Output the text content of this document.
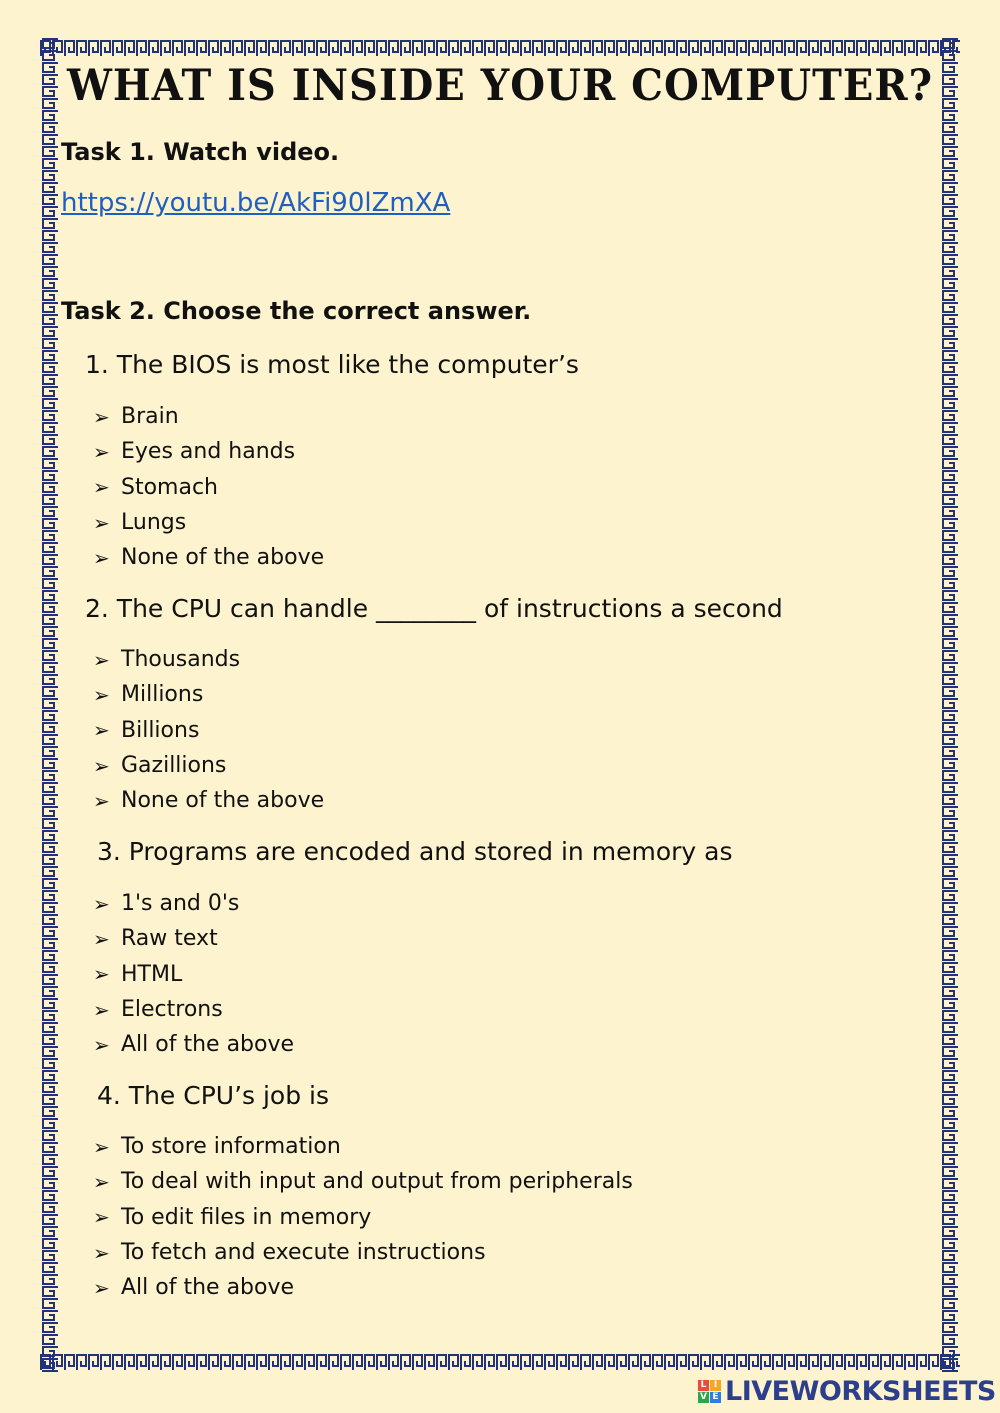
WHAT IS INSIDE YOUR COMPUTER?
Task 1. Watch video.
https://youtu.be/AkFi90lZmXA
Task 2. Choose the correct answer.
1. The BIOS is most like the computer’s
➢ Brain
➢ Eyes and hands
➢ Stomach
➢ Lungs
➢ None of the above
2. The CPU can handle ________ of instructions a second
➢ Thousands
➢ Millions
➢ Billions
➢ Gazillions
➢ None of the above
3. Programs are encoded and stored in memory as
➢ 1's and 0's
➢ Raw text
➢ HTML
➢ Electrons
➢ All of the above
4. The CPU’s job is
➢ To store information
➢ To deal with input and output from peripherals
➢ To edit files in memory
➢ To fetch and execute instructions
➢ All of the above
L I
V E LIVEWORKSHEETS
